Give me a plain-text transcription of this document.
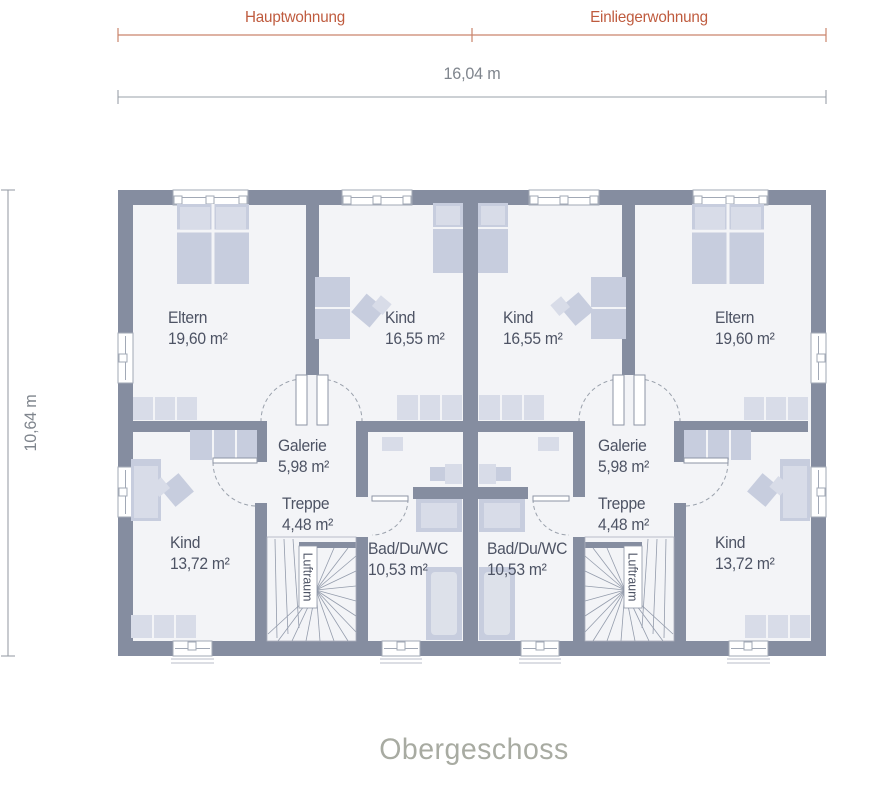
Hauptwohnung	Einliegerwohnung
16,04 m
10,64 m
Eltern
19,60 m²
Kind
16,55 m²
Kind
16,55 m²
Eltern
19,60 m²
Galerie
5,98 m²
Treppe
4,48 m²
Bad/Du/WC
10,53 m²
Galerie
5,98 m²
Treppe
4,48 m²
Bad/Du/WC
10,53 m²
Kind
13,72 m²
Kind
13,72 m²
Luftraum	Luftraum
Obergeschoss
